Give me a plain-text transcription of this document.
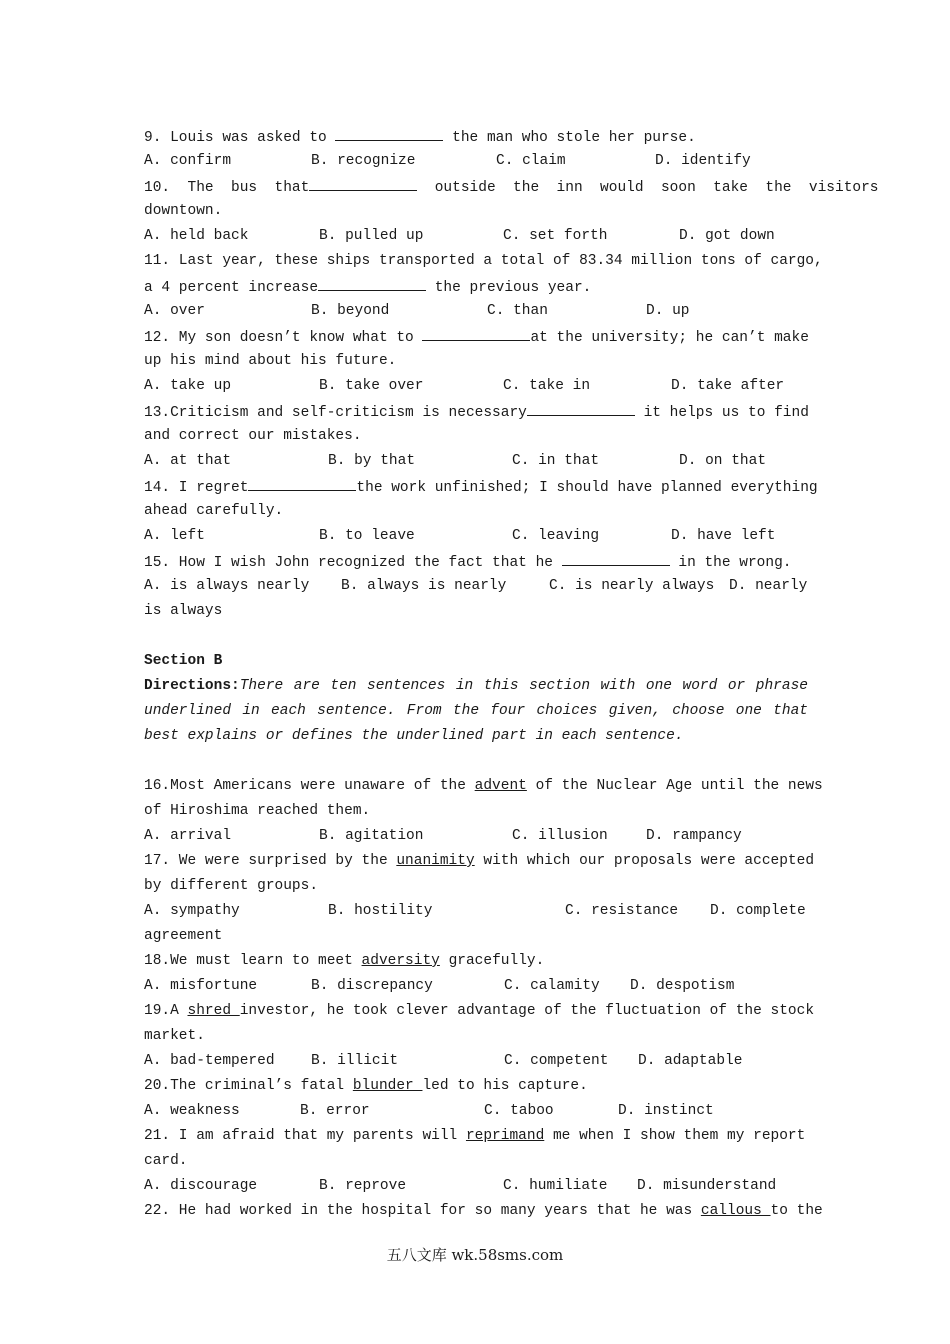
9. Louis was asked to	the man who stole her purse.
A. confirm	B. recognize	C. claim	D. identify
10.  The  bus  that	outside  the  inn  would  soon  take  the  visitors
downtown.
A. held back	B. pulled up	C. set forth	D. got down
11. Last year, these ships transported a total of 83.34 million tons of cargo,
a 4 percent increase	the previous year.
A. over	B. beyond	C. than	D. up
12. My son doesn’t know what to	at the university; he can’t make
up his mind about his future.
A. take up	B. take over	C. take in	D. take after
13.Criticism and self-criticism is necessary	it helps us to find
and correct our mistakes.
A. at that	B. by that	C. in that	D. on that
14. I regret	the work unfinished; I should have planned everything
ahead carefully.
A. left	B. to leave	C. leaving	D. have left
15. How I wish John recognized the fact that he	in the wrong.
A. is always nearly B. always is nearly	C. is nearly always D. nearly
is always
Section B
Directions:There are ten sentences in this section with one word or phrase underlined in each sentence. From the four choices given, choose one that best explains or defines the underlined part in each sentence.
16.Most Americans were unaware of the advent of the Nuclear Age until the news
of Hiroshima reached them.
A. arrival	B. agitation	C. illusion	D. rampancy
17. We were surprised by the unanimity with which our proposals were accepted
by different groups.
A. sympathy	B. hostility	C. resistance D. complete
agreement
18.We must learn to meet adversity gracefully.
A. misfortune	B. discrepancy	C. calamity D. despotism
19.A shred investor, he took clever advantage of the fluctuation of the stock
market.
A. bad-tempered	B. illicit	C. competent D. adaptable
20.The criminal’s fatal blunder led to his capture.
A. weakness	B. error	C. taboo	D. instinct
21. I am afraid that my parents will reprimand me when I show them my report
card.
A. discourage	B. reprove	C. humiliate D. misunderstand
22. He had worked in the hospital for so many years that he was callous to the
五八文库 wk.58sms.com
